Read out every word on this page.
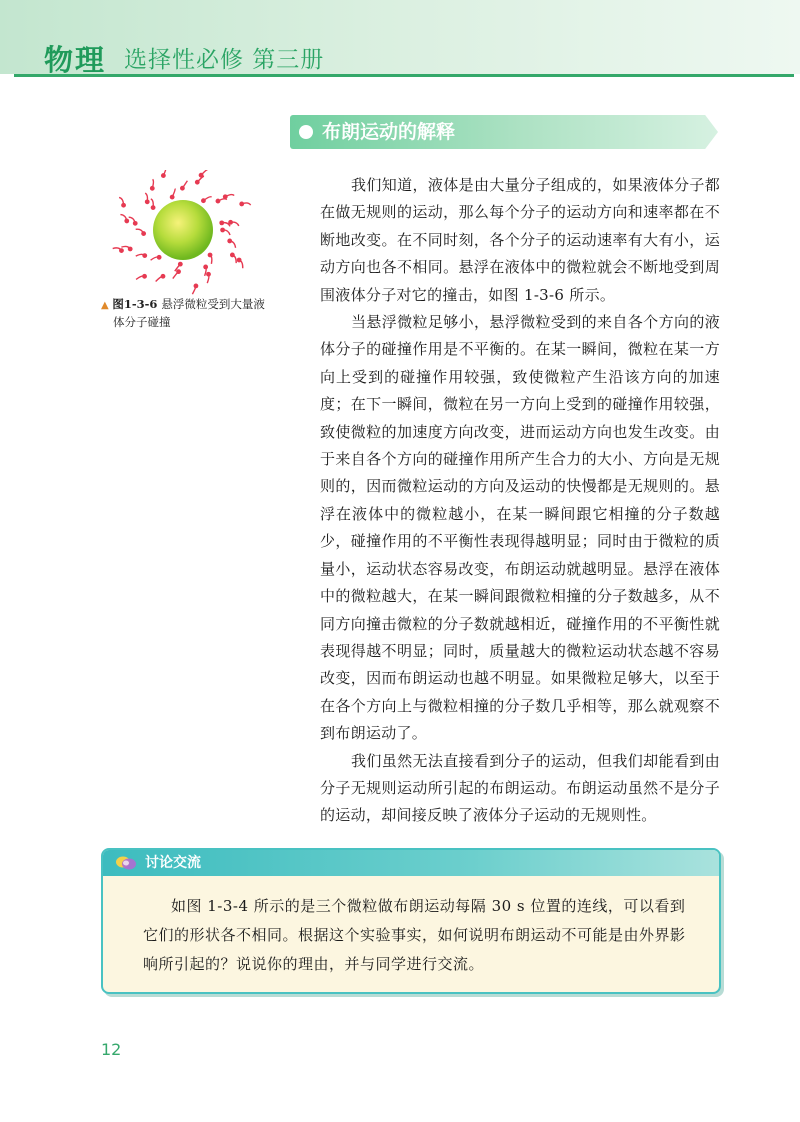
物理 选择性必修 第三册
布朗运动的解释
▲ 图1-3-6 悬浮微粒受到大量液
体分子碰撞

我们知道，液体是由大量分子组成的，如果液体分子都在做无规则的运动，那么每个分子的运动方向和速率都在不断地改变。在不同时刻，各个分子的运动速率有大有小，运动方向也各不相同。悬浮在液体中的微粒就会不断地受到周围液体分子对它的撞击，如图 1-3-6 所示。

当悬浮微粒足够小，悬浮微粒受到的来自各个方向的液体分子的碰撞作用是不平衡的。在某一瞬间，微粒在某一方向上受到的碰撞作用较强，致使微粒产生沿该方向的加速度；在下一瞬间，微粒在另一方向上受到的碰撞作用较强，致使微粒的加速度方向改变，进而运动方向也发生改变。由于来自各个方向的碰撞作用所产生合力的大小、方向是无规则的，因而微粒运动的方向及运动的快慢都是无规则的。悬浮在液体中的微粒越小，在某一瞬间跟它相撞的分子数越少，碰撞作用的不平衡性表现得越明显；同时由于微粒的质量小，运动状态容易改变，布朗运动就越明显。悬浮在液体中的微粒越大，在某一瞬间跟微粒相撞的分子数越多，从不同方向撞击微粒的分子数就越相近，碰撞作用的不平衡性就表现得越不明显；同时，质量越大的微粒运动状态越不容易改变，因而布朗运动也越不明显。如果微粒足够大，以至于在各个方向上与微粒相撞的分子数几乎相等，那么就观察不到布朗运动了。

我们虽然无法直接看到分子的运动，但我们却能看到由分子无规则运动所引起的布朗运动。布朗运动虽然不是分子的运动，却间接反映了液体分子运动的无规则性。

讨论交流
如图 1-3-4 所示的是三个微粒做布朗运动每隔 30 s 位置的连线，可以看到它们的形状各不相同。根据这个实验事实，如何说明布朗运动不可能是由外界影响所引起的？说说你的理由，并与同学进行交流。
12
